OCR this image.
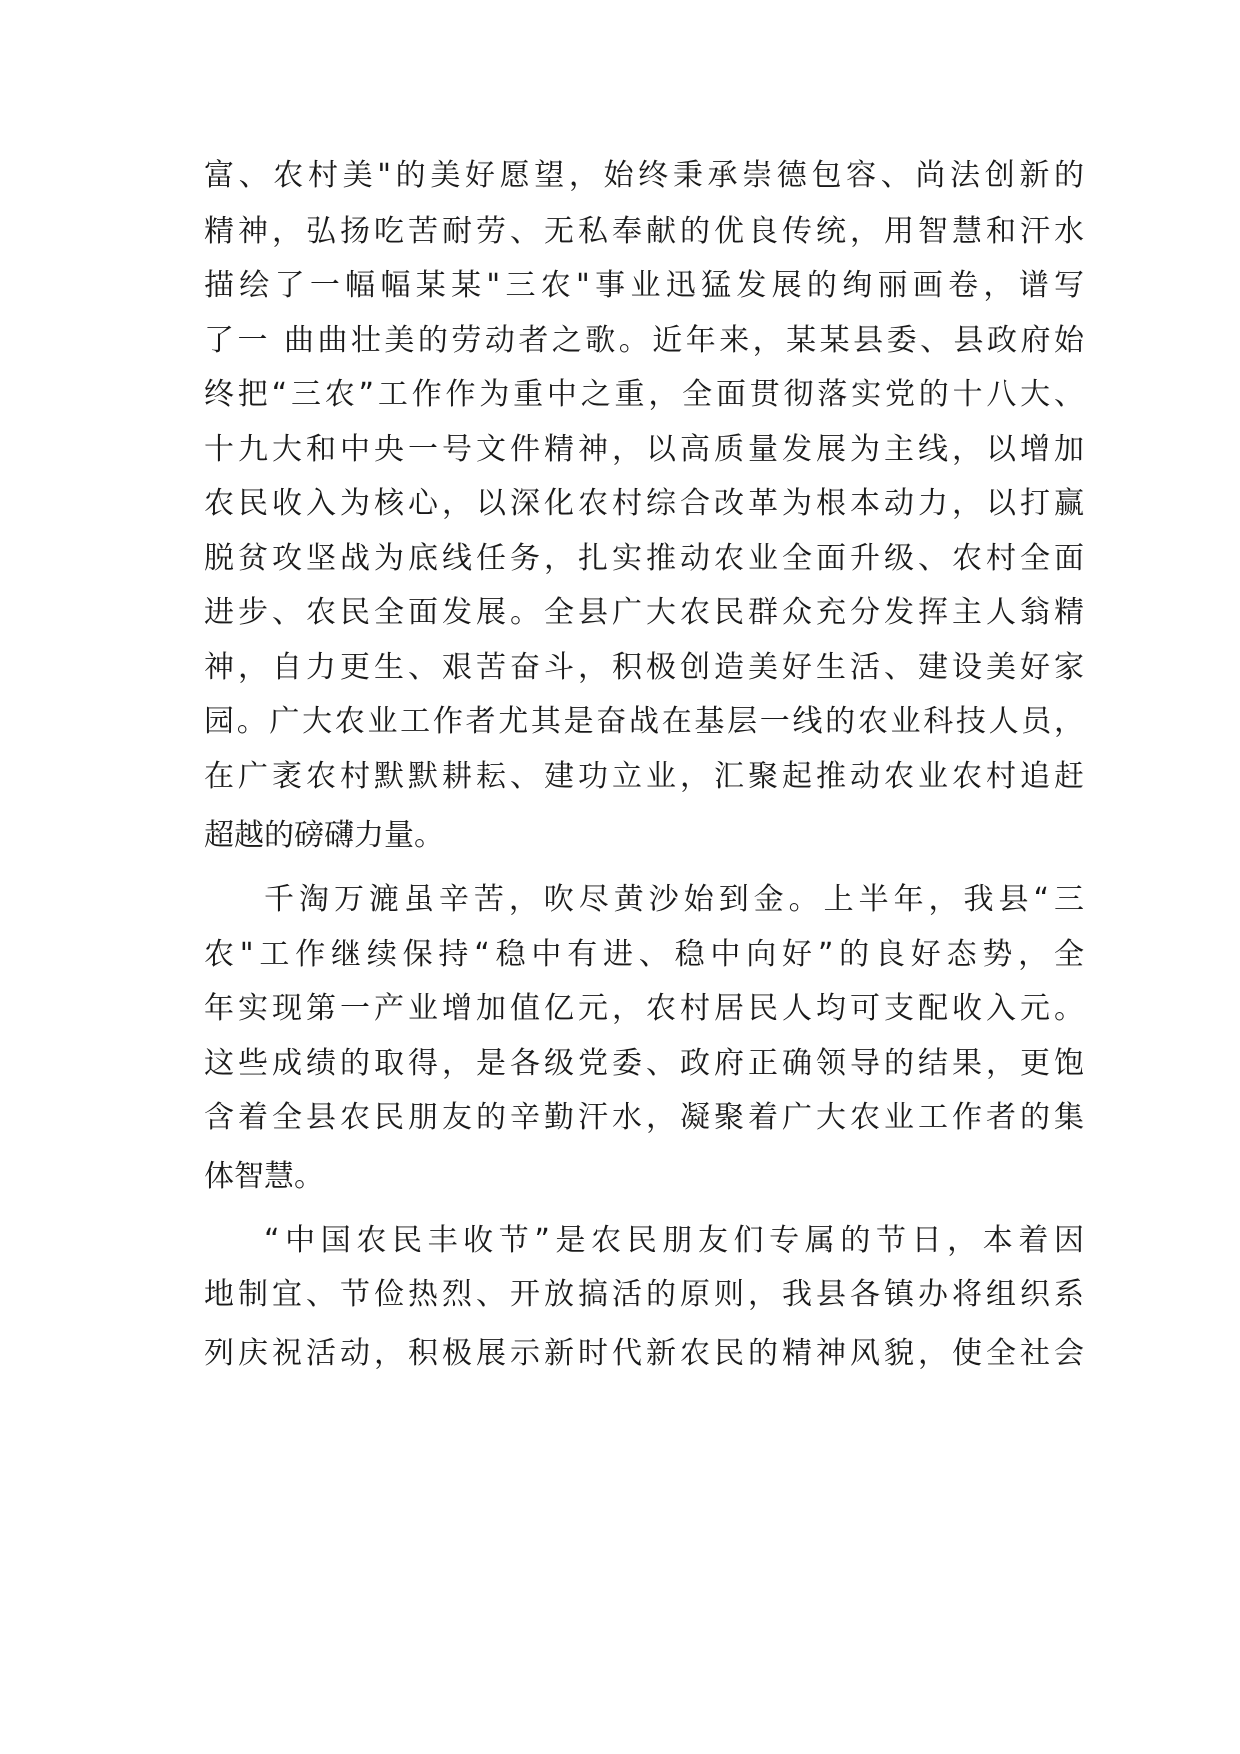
富、农村美"的美好愿望，始终秉承崇德包容、尚法创新的

精神，弘扬吃苦耐劳、无私奉献的优良传统，用智慧和汗水

描绘了一幅幅某某"三农"事业迅猛发展的绚丽画卷，谱写

了一 曲曲壮美的劳动者之歌。近年来，某某县委、县政府始

终把“三农”工作作为重中之重，全面贯彻落实党的十八大、

十九大和中央一号文件精神，以高质量发展为主线，以增加

农民收入为核心，以深化农村综合改革为根本动力，以打赢

脱贫攻坚战为底线任务，扎实推动农业全面升级、农村全面

进步、农民全面发展。全县广大农民群众充分发挥主人翁精

神，自力更生、艰苦奋斗，积极创造美好生活、建设美好家

园。广大农业工作者尤其是奋战在基层一线的农业科技人员，

在广袤农村默默耕耘、建功立业，汇聚起推动农业农村追赶

超越的磅礴力量。

千淘万漉虽辛苦，吹尽黄沙始到金。上半年，我县“三

农"工作继续保持“稳中有进、稳中向好”的良好态势，全

年实现第一产业增加值亿元，农村居民人均可支配收入元。

这些成绩的取得，是各级党委、政府正确领导的结果，更饱

含着全县农民朋友的辛勤汗水，凝聚着广大农业工作者的集

体智慧。

“中国农民丰收节”是农民朋友们专属的节日，本着因

地制宜、节俭热烈、开放搞活的原则，我县各镇办将组织系

列庆祝活动，积极展示新时代新农民的精神风貌，使全社会
